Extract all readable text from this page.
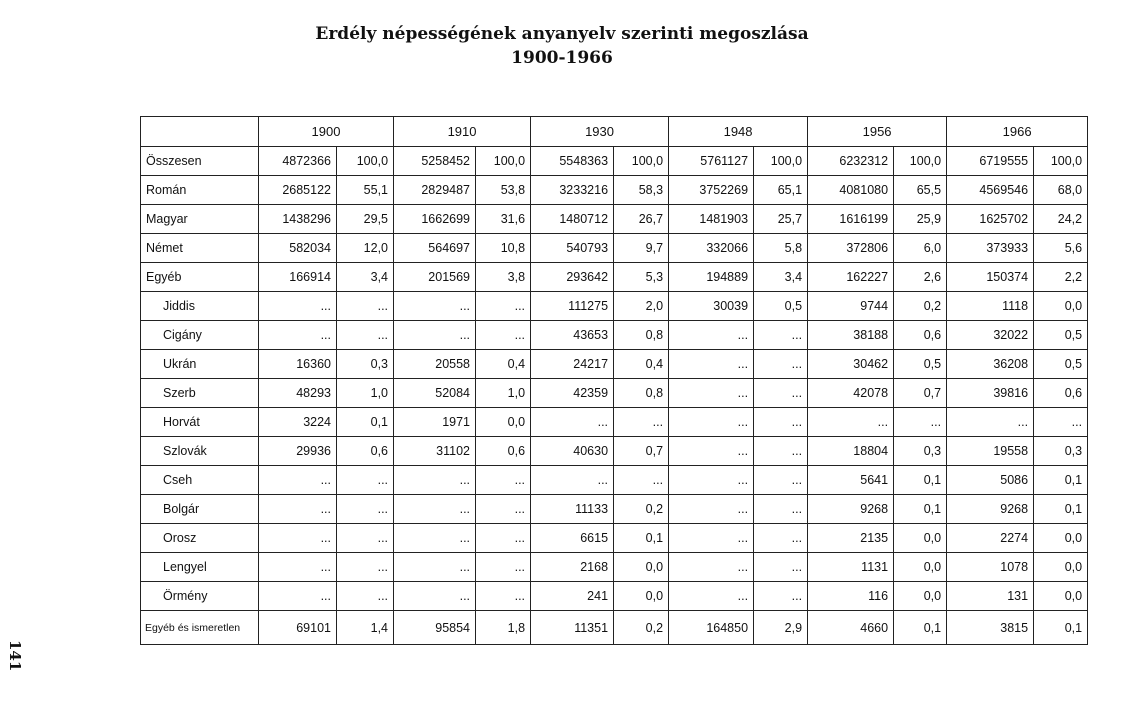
Erdély népességének anyanyelv szerinti megoszlása
1900-1966
	1900		1910		1930		1948		1956		1966	
Összesen	4872366	100,0	5258452	100,0	5548363	100,0	5761127	100,0	6232312	100,0	6719555	100,0
Román	2685122	55,1	2829487	53,8	3233216	58,3	3752269	65,1	4081080	65,5	4569546	68,0
Magyar	1438296	29,5	1662699	31,6	1480712	26,7	1481903	25,7	1616199	25,9	1625702	24,2
Német	582034	12,0	564697	10,8	540793	9,7	332066	5,8	372806	6,0	373933	5,6
Egyéb	166914	3,4	201569	3,8	293642	5,3	194889	3,4	162227	2,6	150374	2,2
Jiddis	...	...	...	...	111275	2,0	30039	0,5	9744	0,2	1118	0,0
Cigány	...	...	...	...	43653	0,8	...	...	38188	0,6	32022	0,5
Ukrán	16360	0,3	20558	0,4	24217	0,4	...	...	30462	0,5	36208	0,5
Szerb	48293	1,0	52084	1,0	42359	0,8	...	...	42078	0,7	39816	0,6
Horvát	3224	0,1	1971	0,0	...	...	...	...	...	...	...	...
Szlovák	29936	0,6	31102	0,6	40630	0,7	...	...	18804	0,3	19558	0,3
Cseh	...	...	...	...	...	...	...	...	5641	0,1	5086	0,1
Bolgár	...	...	...	...	11133	0,2	...	...	9268	0,1	9268	0,1
Orosz	...	...	...	...	6615	0,1	...	...	2135	0,0	2274	0,0
Lengyel	...	...	...	...	2168	0,0	...	...	1131	0,0	1078	0,0
Örmény	...	...	...	...	241	0,0	...	...	116	0,0	131	0,0
Egyéb és ismeretlen	69101	1,4	95854	1,8	11351	0,2	164850	2,9	4660	0,1	3815	0,1
141
